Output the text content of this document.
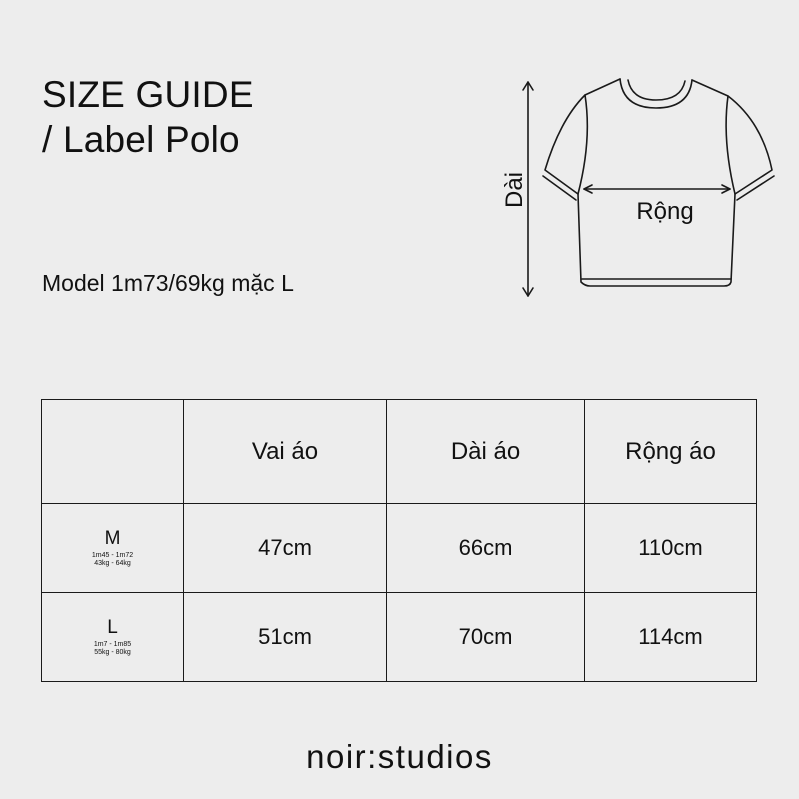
SIZE GUIDE
/ Label Polo
Model 1m73/69kg mặc L
Dài
Rộng
	Vai áo	Dài áo	Rộng áo

M
1m45 - 1m72
43kg - 64kg	47cm	66cm	110cm

L
1m7 - 1m85
55kg - 80kg	51cm	70cm	114cm
noir:studios
